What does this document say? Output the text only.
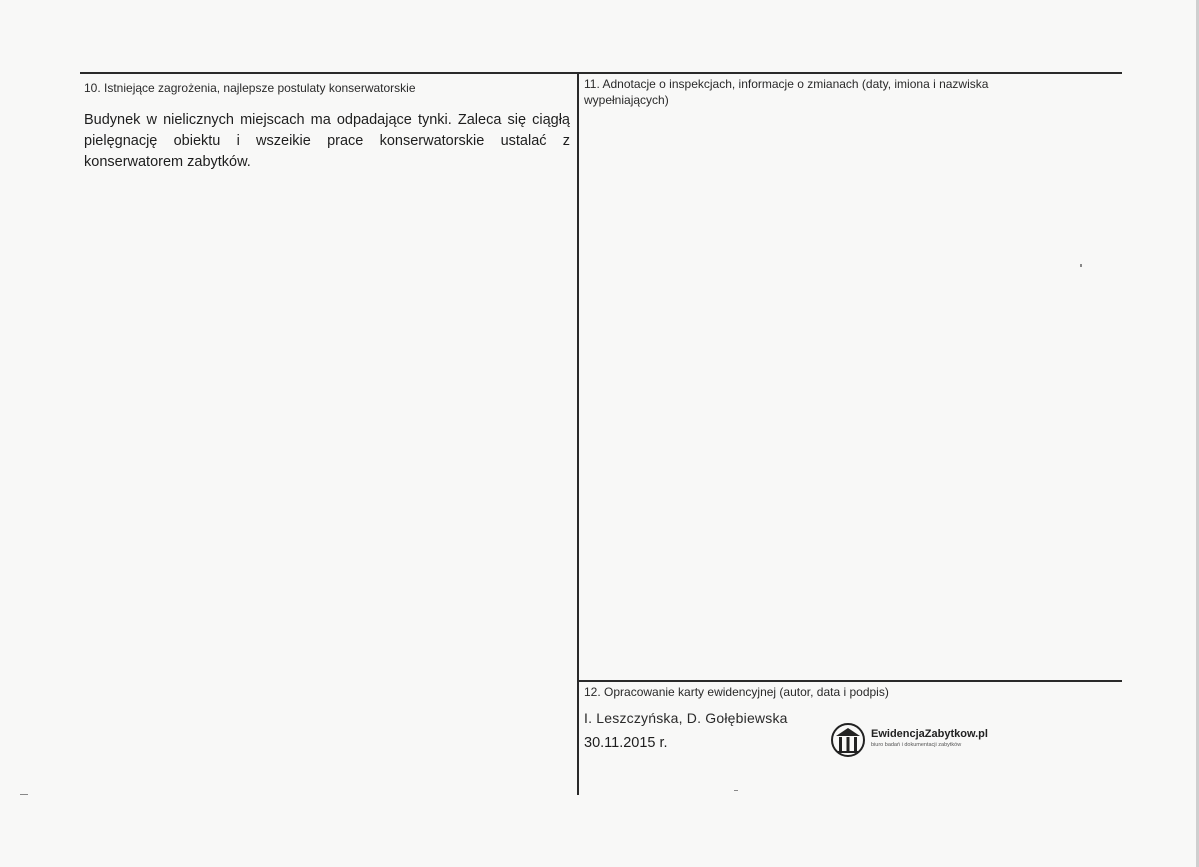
10. Istniejące zagrożenia, najlepsze postulaty konserwatorskie
Budynek w nielicznych miejscach ma odpadające tynki. Zaleca się ciągłą pielęgnację obiektu i wszeikie prace konserwatorskie ustalać z konserwatorem zabytków.
11. Adnotacje o inspekcjach, informacje o zmianach (daty, imiona i nazwiska wypełniających)
12. Opracowanie karty ewidencyjnej (autor, data i podpis)
I. Leszczyńska, D. Gołębiewska
30.11.2015 r.
EwidencjaZabytkow.pl
biuro badań i dokumentacji zabytków
